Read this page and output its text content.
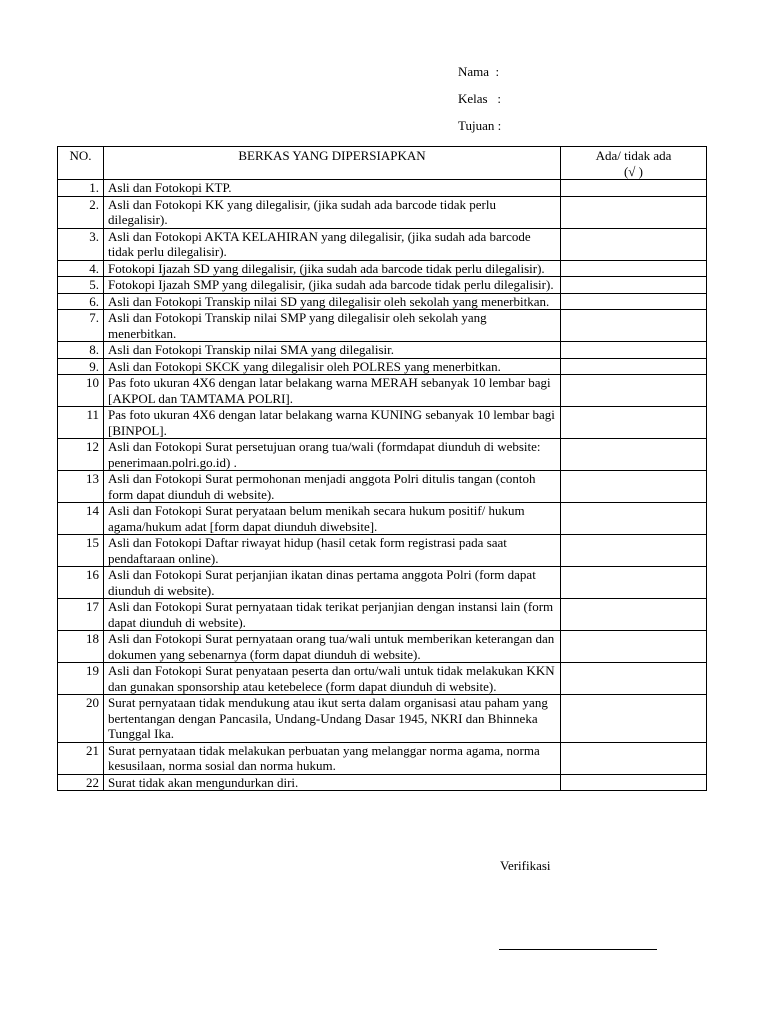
Nama  :
Kelas   :
Tujuan :
NO.	BERKAS YANG DIPERSIAPKAN	Ada/ tidak ada
(√ )

1.	Asli dan Fotokopi KTP.	
2.	Asli dan Fotokopi KK yang dilegalisir, (jika sudah ada barcode tidak perlu dilegalisir).	
3.	Asli dan Fotokopi AKTA KELAHIRAN yang dilegalisir, (jika sudah ada barcode tidak perlu dilegalisir).	
4.	Fotokopi Ijazah SD yang dilegalisir, (jika sudah ada barcode tidak perlu dilegalisir).	
5.	Fotokopi Ijazah SMP yang dilegalisir, (jika sudah ada barcode tidak perlu dilegalisir).	
6.	Asli dan Fotokopi Transkip nilai SD yang dilegalisir oleh sekolah yang menerbitkan.	
7.	Asli dan Fotokopi Transkip nilai SMP yang dilegalisir oleh sekolah yang menerbitkan.	
8.	Asli dan Fotokopi Transkip nilai SMA yang dilegalisir.	
9.	Asli dan Fotokopi SKCK yang dilegalisir oleh POLRES yang menerbitkan.	
10	Pas foto ukuran 4X6 dengan latar belakang warna MERAH sebanyak 10 lembar bagi [AKPOL dan TAMTAMA POLRI].	
11	Pas foto ukuran 4X6 dengan latar belakang warna KUNING sebanyak 10 lembar bagi [BINPOL].	
12	Asli dan Fotokopi Surat persetujuan orang tua/wali (formdapat diunduh di website: penerimaan.polri.go.id) .	
13	Asli dan Fotokopi Surat permohonan menjadi anggota Polri ditulis tangan (contoh form dapat diunduh di website).	
14	Asli dan Fotokopi Surat peryataan belum menikah secara hukum positif/ hukum agama/hukum adat [form dapat diunduh diwebsite].	
15	Asli dan Fotokopi Daftar riwayat hidup (hasil cetak form registrasi pada saat pendaftaraan online).	
16	Asli dan Fotokopi Surat perjanjian ikatan dinas pertama anggota Polri (form dapat diunduh di website).	
17	Asli dan Fotokopi Surat pernyataan tidak terikat perjanjian dengan instansi lain (form dapat diunduh di website).	
18	Asli dan Fotokopi Surat pernyataan orang tua/wali untuk memberikan keterangan dan dokumen yang sebenarnya (form dapat diunduh di website).	
19	Asli dan Fotokopi Surat penyataan peserta dan ortu/wali untuk tidak melakukan KKN dan gunakan sponsorship atau ketebelece (form dapat diunduh di website).	
20	Surat pernyataan tidak mendukung atau ikut serta dalam organisasi atau paham yang bertentangan dengan Pancasila, Undang-Undang Dasar 1945, NKRI dan Bhinneka Tunggal Ika.	
21	Surat pernyataan tidak melakukan perbuatan yang melanggar norma agama, norma kesusilaan, norma sosial dan norma hukum.	
22	Surat tidak akan mengundurkan diri.	
Verifikasi
